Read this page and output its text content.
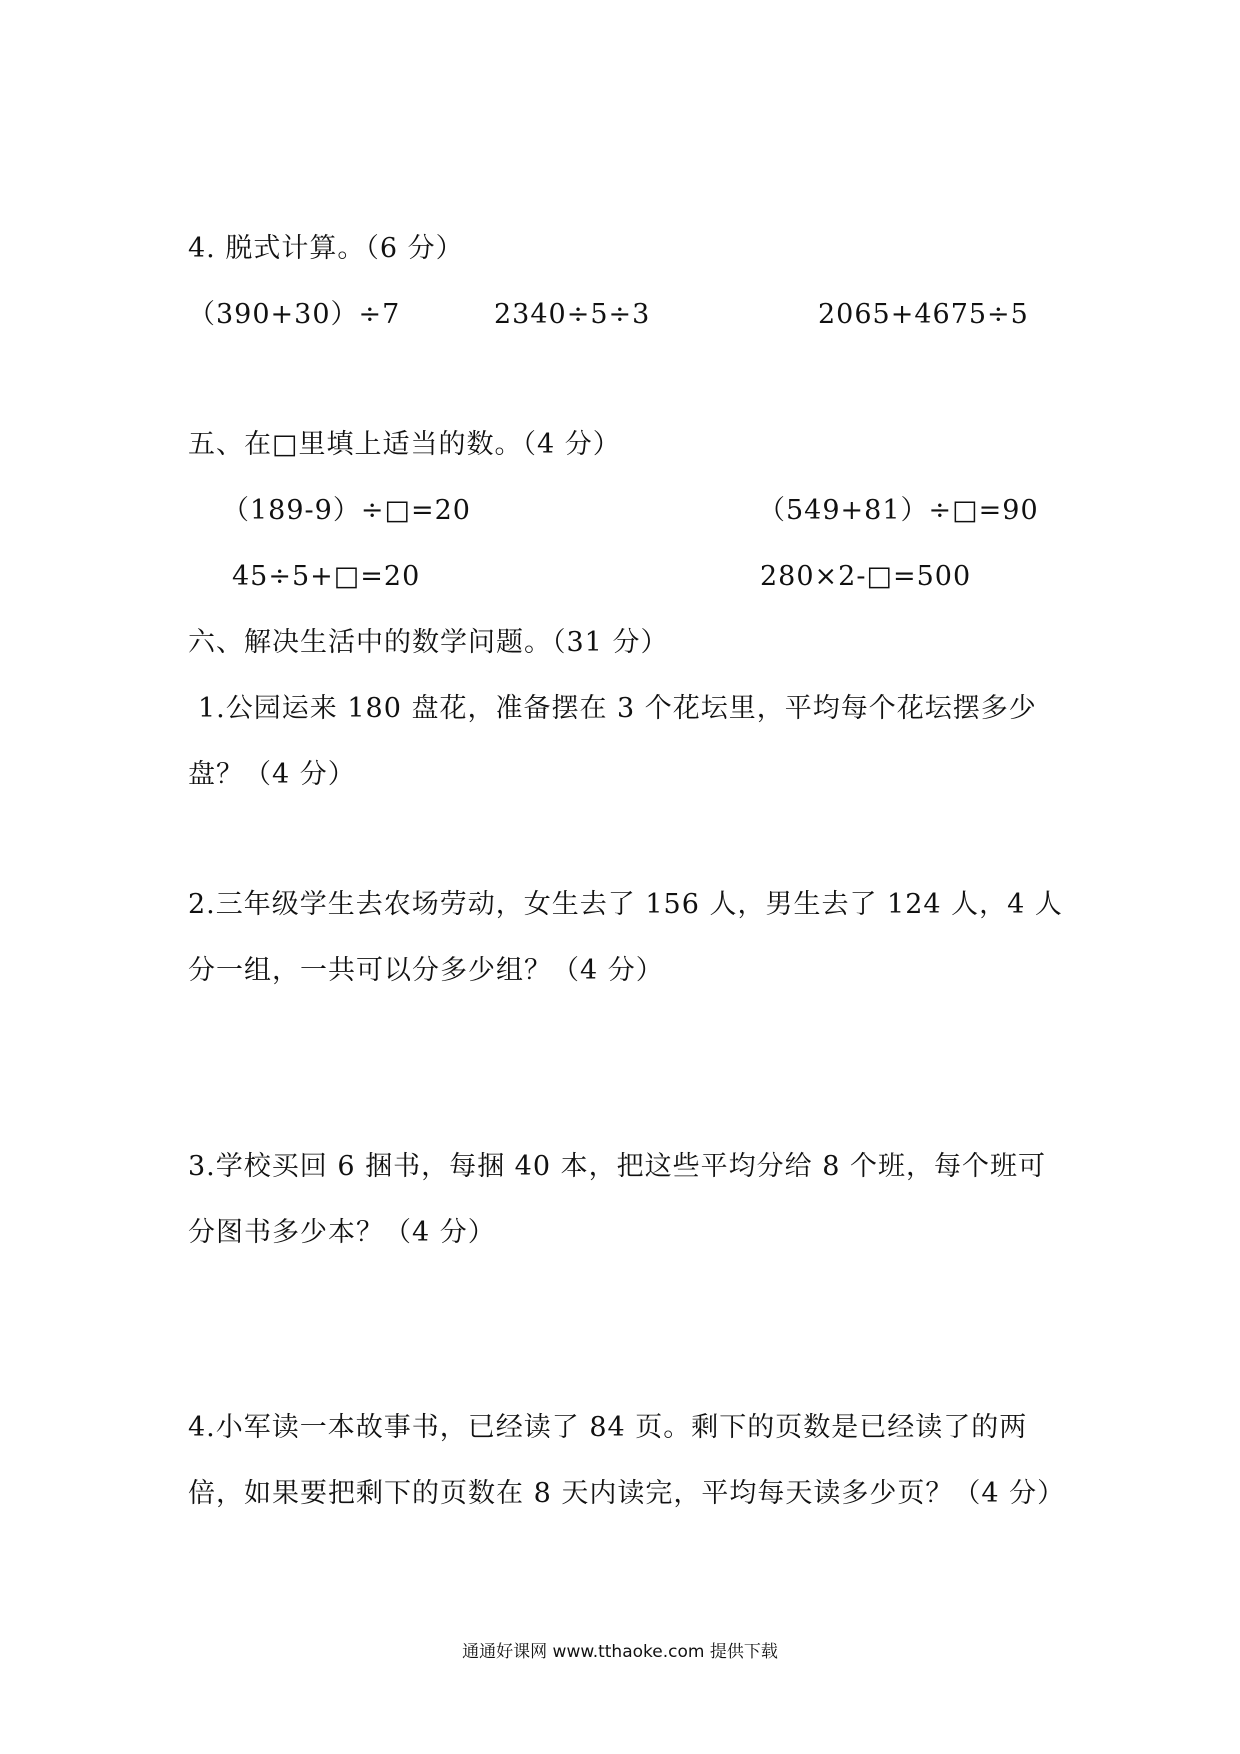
4. 脱式计算。（6 分）
（390+30）÷7	2340÷5÷3	2065+4675÷5
五、在□里填上适当的数。（4 分）
（189-9）÷□=20	（549+81）÷□=90
45÷5+□=20	280×2-□=500
六、解决生活中的数学问题。（31 分）
1.公园运来 180 盘花，准备摆在 3 个花坛里，平均每个花坛摆多少
盘？（4 分）
2.三年级学生去农场劳动，女生去了 156 人，男生去了 124 人，4 人
分一组，一共可以分多少组？（4 分）
3.学校买回 6 捆书，每捆 40 本，把这些平均分给 8 个班，每个班可
分图书多少本？（4 分）
4.小军读一本故事书，已经读了 84 页。剩下的页数是已经读了的两
倍，如果要把剩下的页数在 8 天内读完，平均每天读多少页？（4 分）
通通好课网 www.tthaoke.com 提供下载
